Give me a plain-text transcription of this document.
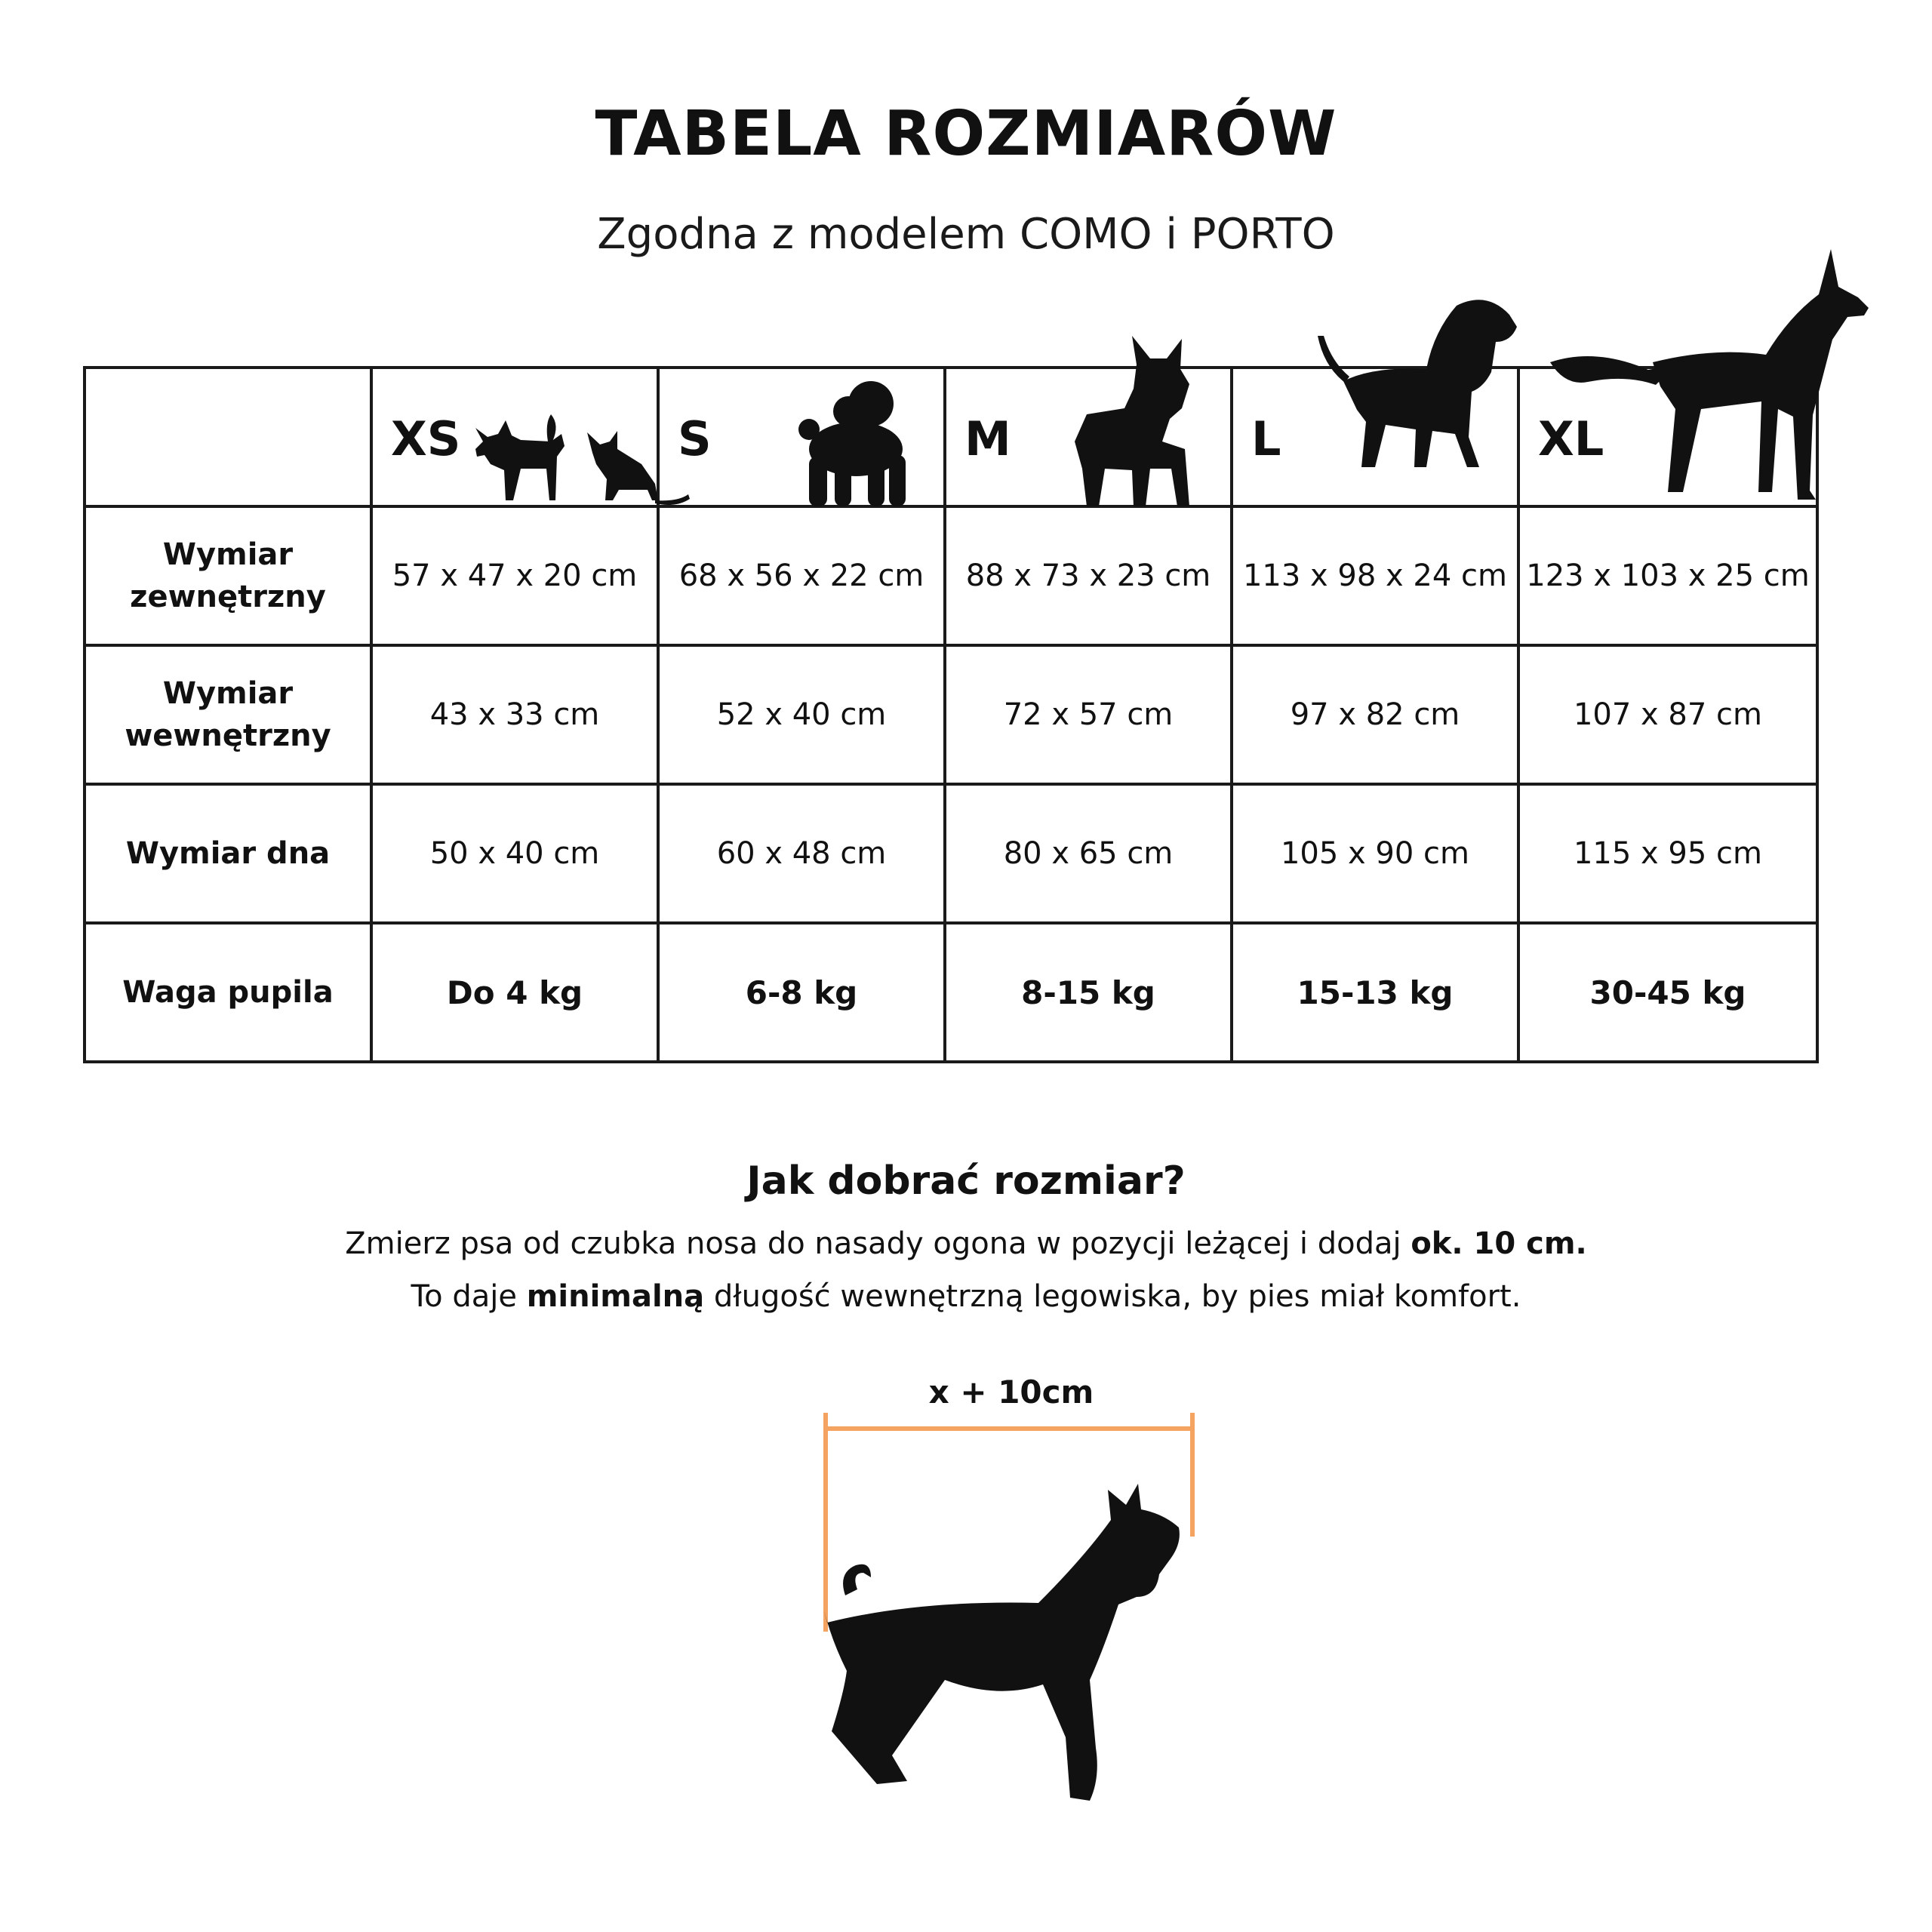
TABELA ROZMIARÓW
Zgodna z modelem COMO i PORTO

	XS	S	M	L	XL

Wymiar zewnętrzny	57 x 47 x 20 cm	68 x 56 x 22 cm	88 x 73 x 23 cm	113 x 98 x 24 cm	123 x 103 x 25 cm
Wymiar wewnętrzny	43 x 33 cm	52 x 40 cm	72 x 57 cm	97 x 82 cm	107 x 87 cm
Wymiar dna	50 x 40 cm	60 x 48 cm	80 x 65 cm	105 x 90 cm	115 x 95 cm
Waga pupila	Do 4 kg	6-8 kg	8-15 kg	15-13 kg	30-45 kg
Jak dobrać rozmiar?
Zmierz psa od czubka nosa do nasady ogona w pozycji leżącej i dodaj ok. 10 cm.
To daje minimalną długość wewnętrzną legowiska, by pies miał komfort.
x + 10cm
